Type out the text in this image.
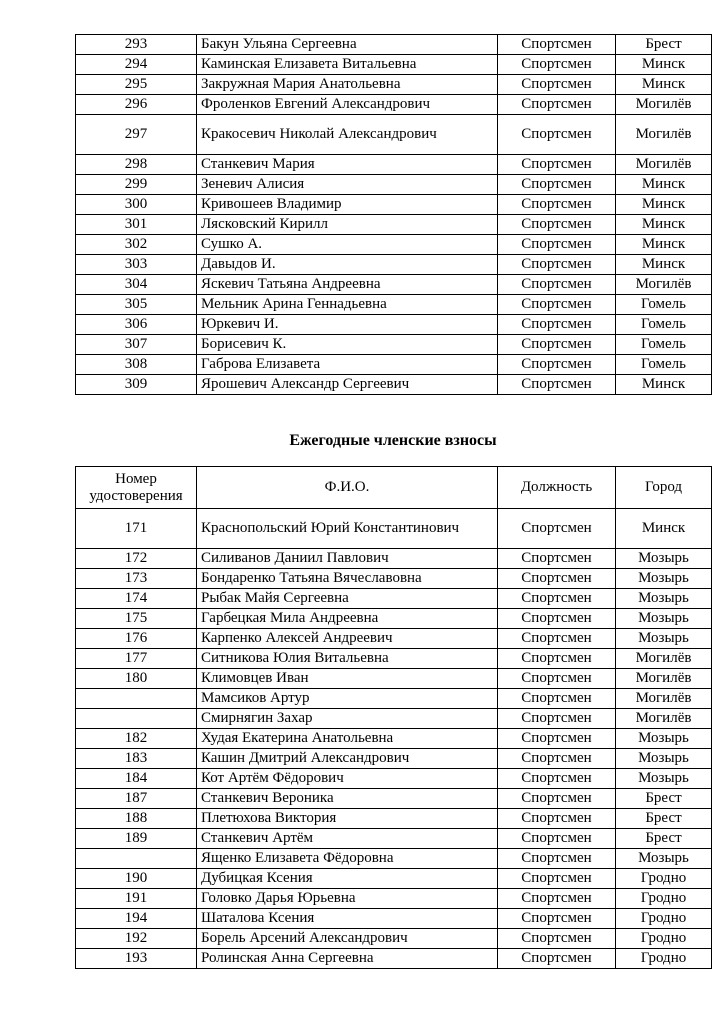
293	Бакун Ульяна Сергеевна	Спортсмен	Брест
294	Каминская Елизавета Витальевна	Спортсмен	Минск
295	Закружная Мария Анатольевна	Спортсмен	Минск
296	Фроленков Евгений Александрович	Спортсмен	Могилёв
297	Кракосевич Николай Александрович	Спортсмен	Могилёв
298	Станкевич Мария	Спортсмен	Могилёв
299	Зеневич Алисия	Спортсмен	Минск
300	Кривошеев Владимир	Спортсмен	Минск
301	Лясковский Кирилл	Спортсмен	Минск
302	Сушко А.	Спортсмен	Минск
303	Давыдов И.	Спортсмен	Минск
304	Яскевич Татьяна Андреевна	Спортсмен	Могилёв
305	Мельник Арина Геннадьевна	Спортсмен	Гомель
306	Юркевич И.	Спортсмен	Гомель
307	Борисевич К.	Спортсмен	Гомель
308	Габрова Елизавета	Спортсмен	Гомель
309	Ярошевич Александр Сергеевич	Спортсмен	Минск
Ежегодные членские взносы
Номер удостоверения	Ф.И.О.	Должность	Город
171	Краснопольский Юрий Константинович	Спортсмен	Минск
172	Силиванов Даниил Павлович	Спортсмен	Мозырь
173	Бондаренко Татьяна Вячеславовна	Спортсмен	Мозырь
174	Рыбак Майя Сергеевна	Спортсмен	Мозырь
175	Гарбецкая Мила Андреевна	Спортсмен	Мозырь
176	Карпенко Алексей Андреевич	Спортсмен	Мозырь
177	Ситникова Юлия Витальевна	Спортсмен	Могилёв
180	Климовцев Иван	Спортсмен	Могилёв
	Мамсиков Артур	Спортсмен	Могилёв
	Смирнягин Захар	Спортсмен	Могилёв
182	Худая Екатерина Анатольевна	Спортсмен	Мозырь
183	Кашин Дмитрий Александрович	Спортсмен	Мозырь
184	Кот Артём Фёдорович	Спортсмен	Мозырь
187	Станкевич Вероника	Спортсмен	Брест
188	Плетюхова Виктория	Спортсмен	Брест
189	Станкевич Артём	Спортсмен	Брест
	Ященко Елизавета Фёдоровна	Спортсмен	Мозырь
190	Дубицкая Ксения	Спортсмен	Гродно
191	Головко Дарья Юрьевна	Спортсмен	Гродно
194	Шаталова Ксения	Спортсмен	Гродно
192	Борель Арсений Александрович	Спортсмен	Гродно
193	Ролинская Анна Сергеевна	Спортсмен	Гродно
